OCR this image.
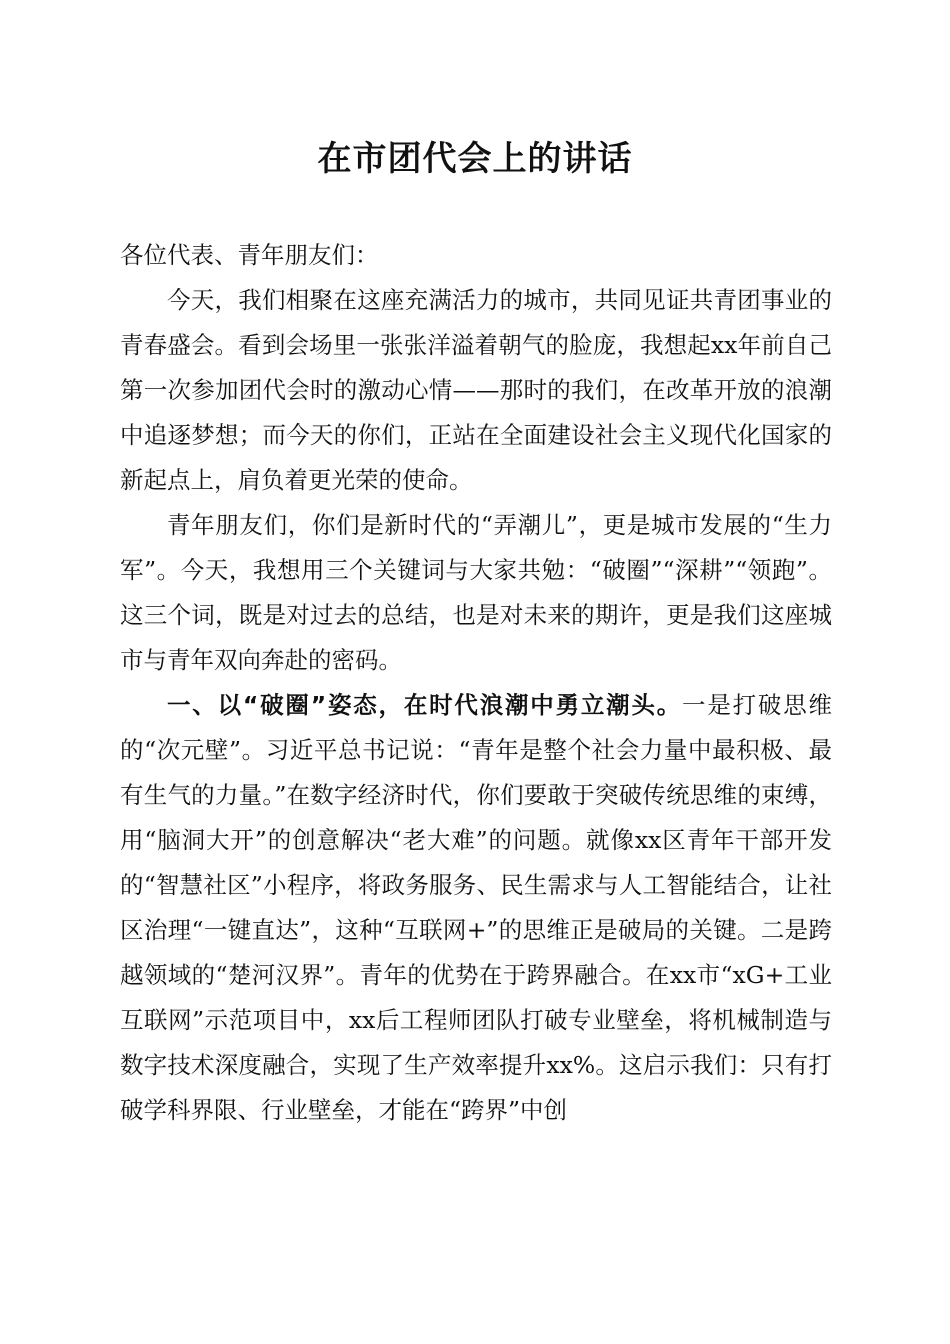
在市团代会上的讲话

各位代表、青年朋友们：

今天，我们相聚在这座充满活力的城市，共同见证共青团事业的青春盛会。看到会场里一张张洋溢着朝气的脸庞，我想起xx年前自己第一次参加团代会时的激动心情——那时的我们，在改革开放的浪潮中追逐梦想；而今天的你们，正站在全面建设社会主义现代化国家的新起点上，肩负着更光荣的使命。

青年朋友们，你们是新时代的“弄潮儿”，更是城市发展的“生力军”。今天，我想用三个关键词与大家共勉：“破圈”“深耕”“领跑”。这三个词，既是对过去的总结，也是对未来的期许，更是我们这座城市与青年双向奔赴的密码。

一、以“破圈”姿态，在时代浪潮中勇立潮头。一是打破思维的“次元壁”。习近平总书记说：“青年是整个社会力量中最积极、最有生气的力量。”在数字经济时代，你们要敢于突破传统思维的束缚，用“脑洞大开”的创意解决“老大难”的问题。就像xx区青年干部开发的“智慧社区”小程序，将政务服务、民生需求与人工智能结合，让社区治理“一键直达”，这种“互联网+”的思维正是破局的关键。二是跨越领域的“楚河汉界”。青年的优势在于跨界融合。在xx市“xG+工业互联网”示范项目中，xx后工程师团队打破专业壁垒，将机械制造与数字技术深度融合，实现了生产效率提升xx%。这启示我们：只有打破学科界限、行业壁垒，才能在“跨界”中创
